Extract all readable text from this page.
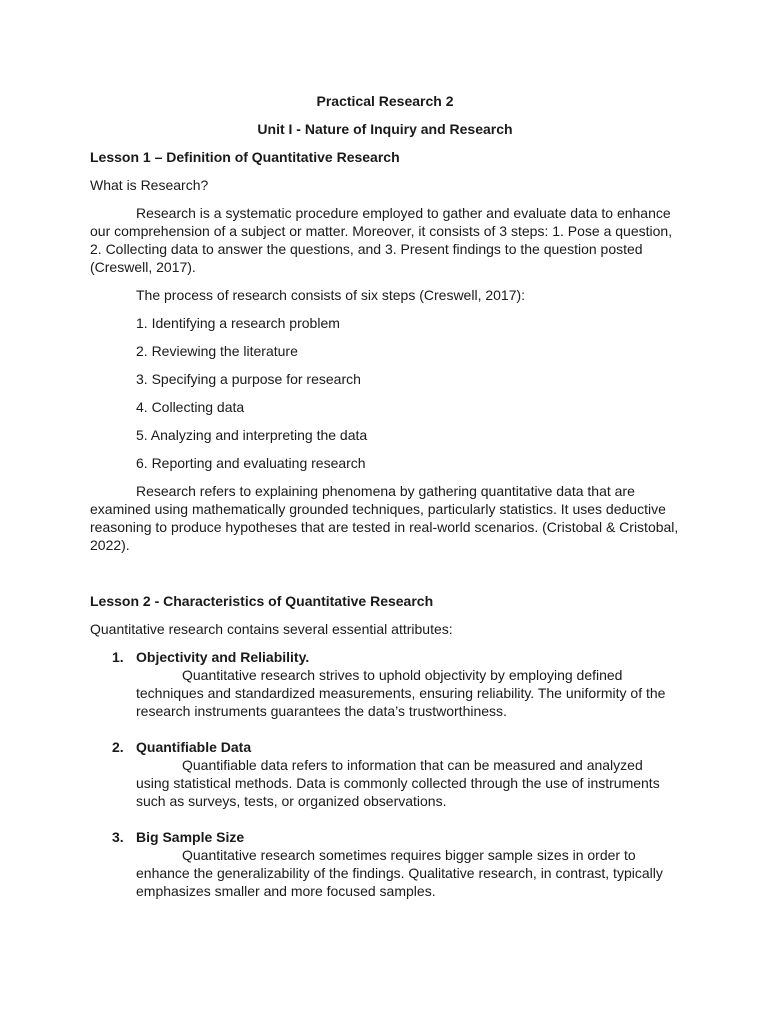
Practical Research 2

Unit I - Nature of Inquiry and Research

Lesson 1 – Definition of Quantitative Research

What is Research?

Research is a systematic procedure employed to gather and evaluate data to enhance our comprehension of a subject or matter. Moreover, it consists of 3 steps: 1. Pose a question, 2. Collecting data to answer the questions, and 3. Present findings to the question posted (Creswell, 2017).

The process of research consists of six steps (Creswell, 2017):

1. Identifying a research problem

2. Reviewing the literature

3. Specifying a purpose for research

4. Collecting data

5. Analyzing and interpreting the data

6. Reporting and evaluating research

Research refers to explaining phenomena by gathering quantitative data that are examined using mathematically grounded techniques, particularly statistics. It uses deductive reasoning to produce hypotheses that are tested in real-world scenarios. (Cristobal & Cristobal, 2022).

Lesson 2 - Characteristics of Quantitative Research

Quantitative research contains several essential attributes:

1. Objectivity and Reliability.
Quantitative research strives to uphold objectivity by employing defined techniques and standardized measurements, ensuring reliability. The uniformity of the research instruments guarantees the data’s trustworthiness.
2. Quantifiable Data
Quantifiable data refers to information that can be measured and analyzed using statistical methods. Data is commonly collected through the use of instruments such as surveys, tests, or organized observations.
3. Big Sample Size
Quantitative research sometimes requires bigger sample sizes in order to enhance the generalizability of the findings. Qualitative research, in contrast, typically emphasizes smaller and more focused samples.
